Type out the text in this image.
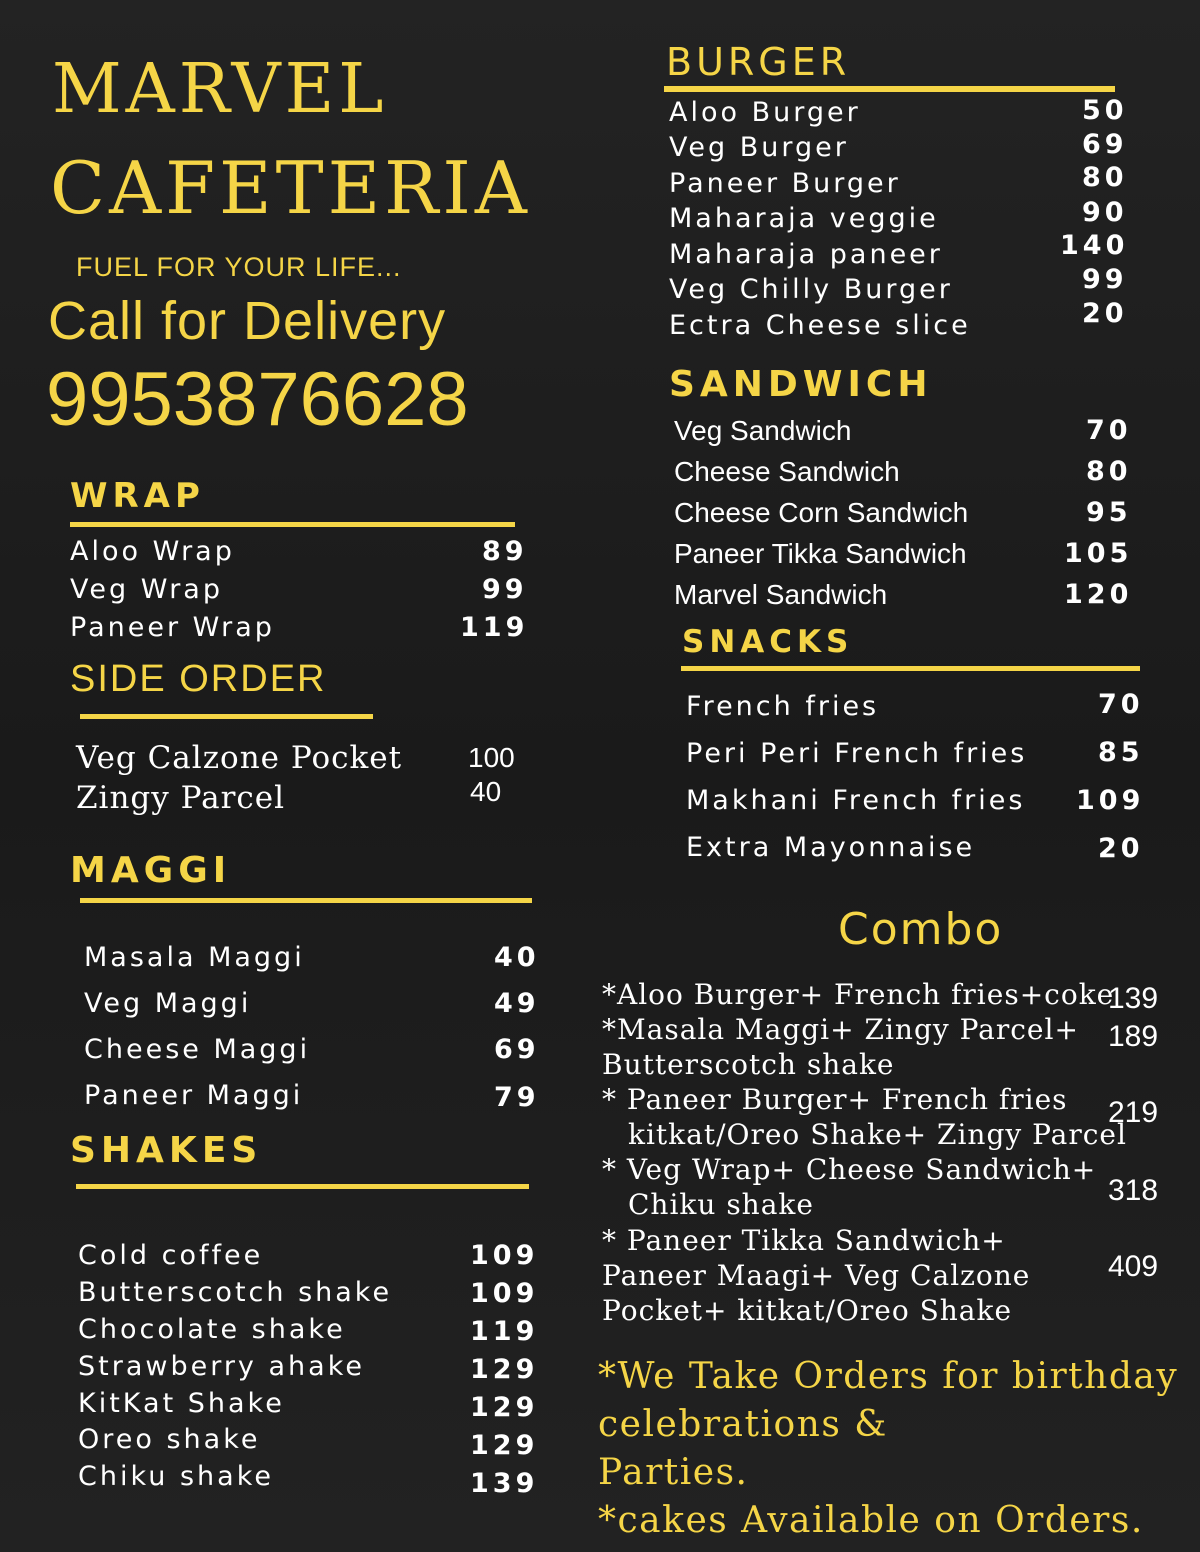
MARVEL
CAFETERIA
FUEL FOR YOUR LIFE...
Call for Delivery
9953876628
WRAP
Aloo Wrap	89
Veg Wrap	99
Paneer Wrap	119
SIDE ORDER
Veg Calzone Pocket 100
Zingy Parcel	40
MAGGI
Masala Maggi	40
Veg Maggi	49
Cheese Maggi	69
Paneer Maggi	79
SHAKES
Cold coffee	109
Butterscotch shake	109
Chocolate shake	119
Strawberry ahake	129
KitKat Shake	129
Oreo shake	129
Chiku shake	139
BURGER
Aloo Burger	50
Veg Burger	69
Paneer Burger	80
Maharaja veggie	90
Maharaja paneer	140
Veg Chilly Burger	99
Ectra Cheese slice	20
SANDWICH
Veg Sandwich	70
Cheese Sandwich	80
Cheese Corn Sandwich	95
Paneer Tikka Sandwich	105
Marvel Sandwich	120
SNACKS
French fries	70
Peri Peri French fries	85
Makhani French fries 109
Extra Mayonnaise	20
Combo
*Aloo Burger+ French fries+coke
139
*Masala Maggi+ Zingy Parcel+
Butterscotch shake
189
* Paneer Burger+ French fries
kitkat/Oreo Shake+ Zingy Parcel
219
* Veg Wrap+ Cheese Sandwich+
Chiku shake	318
* Paneer Tikka Sandwich+
Paneer Maagi+ Veg Calzone
Pocket+ kitkat/Oreo Shake
409
*We Take Orders for birthday
celebrations &
Parties.
*cakes Available on Orders.
